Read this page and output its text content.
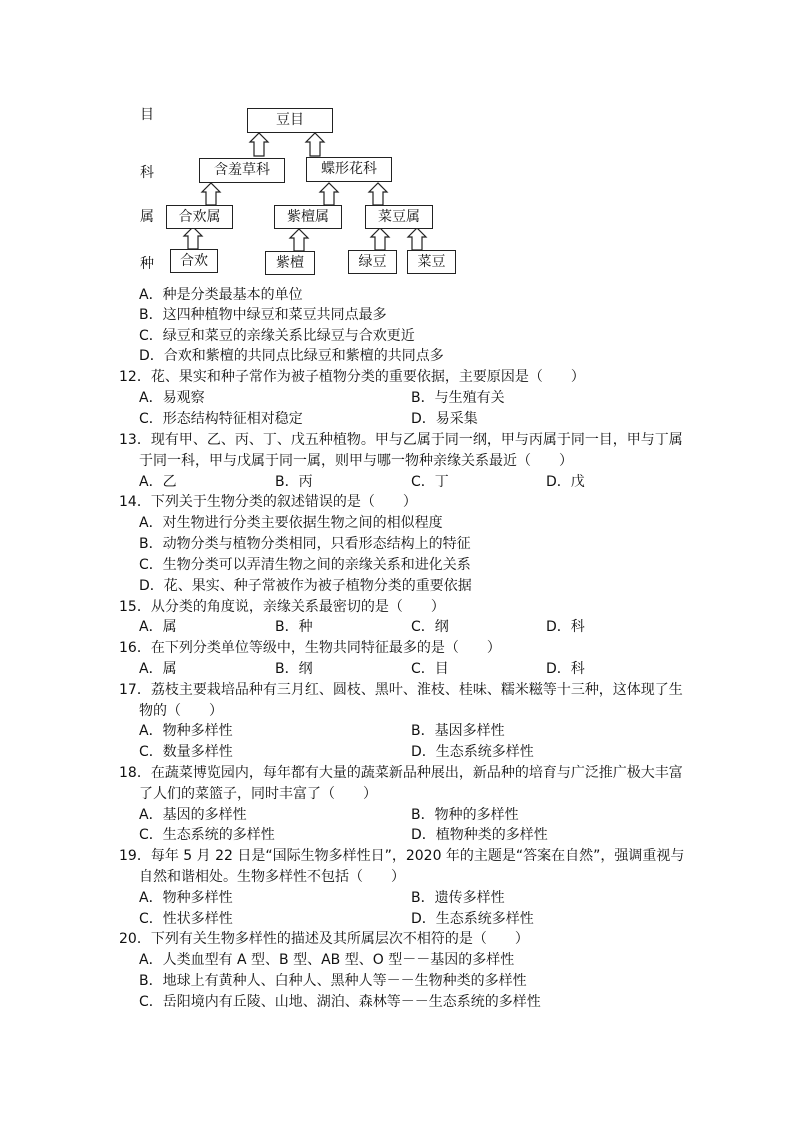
目
科
属
种
豆目
含羞草科	蝶形花科
合欢属	紫檀属	菜豆属
合欢	紫檀	绿豆	菜豆
A．种是分类最基本的单位
B．这四种植物中绿豆和菜豆共同点最多
C．绿豆和菜豆的亲缘关系比绿豆与合欢更近
D．合欢和紫檀的共同点比绿豆和紫檀的共同点多
12．花、果实和种子常作为被子植物分类的重要依据，主要原因是（　　）
A．易观察	B．与生殖有关
C．形态结构特征相对稳定	D．易采集
13．现有甲、乙、丙、丁、戊五种植物。甲与乙属于同一纲，甲与丙属于同一目，甲与丁属
于同一科，甲与戊属于同一属，则甲与哪一物种亲缘关系最近（　　）
A．乙	B．丙	C．丁	D．戊
14．下列关于生物分类的叙述错误的是（　　）
A．对生物进行分类主要依据生物之间的相似程度
B．动物分类与植物分类相同，只看形态结构上的特征
C．生物分类可以弄清生物之间的亲缘关系和进化关系
D．花、果实、种子常被作为被子植物分类的重要依据
15．从分类的角度说，亲缘关系最密切的是（　　）
A．属	B．种	C．纲	D．科
16．在下列分类单位等级中，生物共同特征最多的是（　　）
A．属	B．纲	C．目	D．科
17．荔枝主要栽培品种有三月红、圆枝、黑叶、淮枝、桂味、糯米糍等十三种，这体现了生
物的（　　）
A．物种多样性	B．基因多样性
C．数量多样性	D．生态系统多样性
18．在蔬菜博览园内，每年都有大量的蔬菜新品种展出，新品种的培育与广泛推广极大丰富
了人们的菜篮子，同时丰富了（　　）
A．基因的多样性	B．物种的多样性
C．生态系统的多样性	D．植物种类的多样性
19．每年 5 月 22 日是“国际生物多样性日”，2020 年的主题是“答案在自然”，强调重视与
自然和谐相处。生物多样性不包括（　　）
A．物种多样性	B．遗传多样性
C．性状多样性	D．生态系统多样性
20．下列有关生物多样性的描述及其所属层次不相符的是（　　）
A．人类血型有 A 型、B 型、AB 型、O 型－－基因的多样性
B．地球上有黄种人、白种人、黑种人等－－生物种类的多样性
C．岳阳境内有丘陵、山地、湖泊、森林等－－生态系统的多样性
